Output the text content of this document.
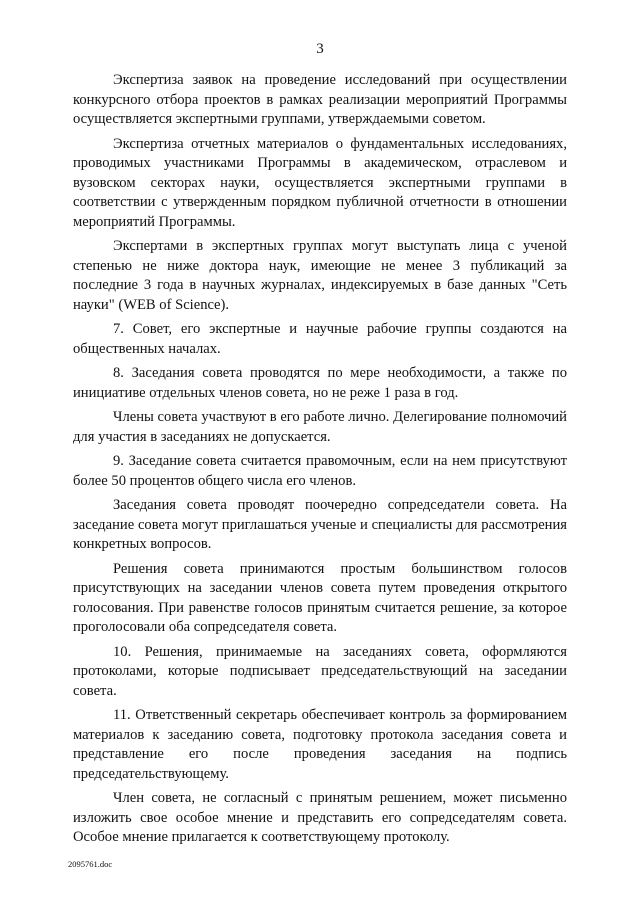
3

Экспертиза заявок на проведение исследований при осуществлении конкурсного отбора проектов в рамках реализации мероприятий Программы осуществляется экспертными группами, утверждаемыми советом.

Экспертиза отчетных материалов о фундаментальных исследованиях, проводимых участниками Программы в академическом, отраслевом и вузовском секторах науки, осуществляется экспертными группами в соответствии с утвержденным порядком публичной отчетности в отношении мероприятий Программы.

Экспертами в экспертных группах могут выступать лица с ученой степенью не ниже доктора наук, имеющие не менее 3 публикаций за последние 3 года в научных журналах, индексируемых в базе данных "Сеть науки" (WEB of Science).

7. Совет, его экспертные и научные рабочие группы создаются на общественных началах.

8. Заседания совета проводятся по мере необходимости, а также по инициативе отдельных членов совета, но не реже 1 раза в год.

Члены совета участвуют в его работе лично. Делегирование полномочий для участия в заседаниях не допускается.

9. Заседание совета считается правомочным, если на нем присутствуют более 50 процентов общего числа его членов.

Заседания совета проводят поочередно сопредседатели совета. На заседание совета могут приглашаться ученые и специалисты для рассмотрения конкретных вопросов.

Решения совета принимаются простым большинством голосов присутствующих на заседании членов совета путем проведения открытого голосования. При равенстве голосов принятым считается решение, за которое проголосовали оба сопредседателя совета.

10. Решения, принимаемые на заседаниях совета, оформляются протоколами, которые подписывает председательствующий на заседании совета.

11. Ответственный секретарь обеспечивает контроль за формированием материалов к заседанию совета, подготовку протокола заседания совета и представление его после проведения заседания на подпись председательствующему.

Член совета, не согласный с принятым решением, может письменно изложить свое особое мнение и представить его сопредседателям совета. Особое мнение прилагается к соответствующему протоколу.

2095761.doc
